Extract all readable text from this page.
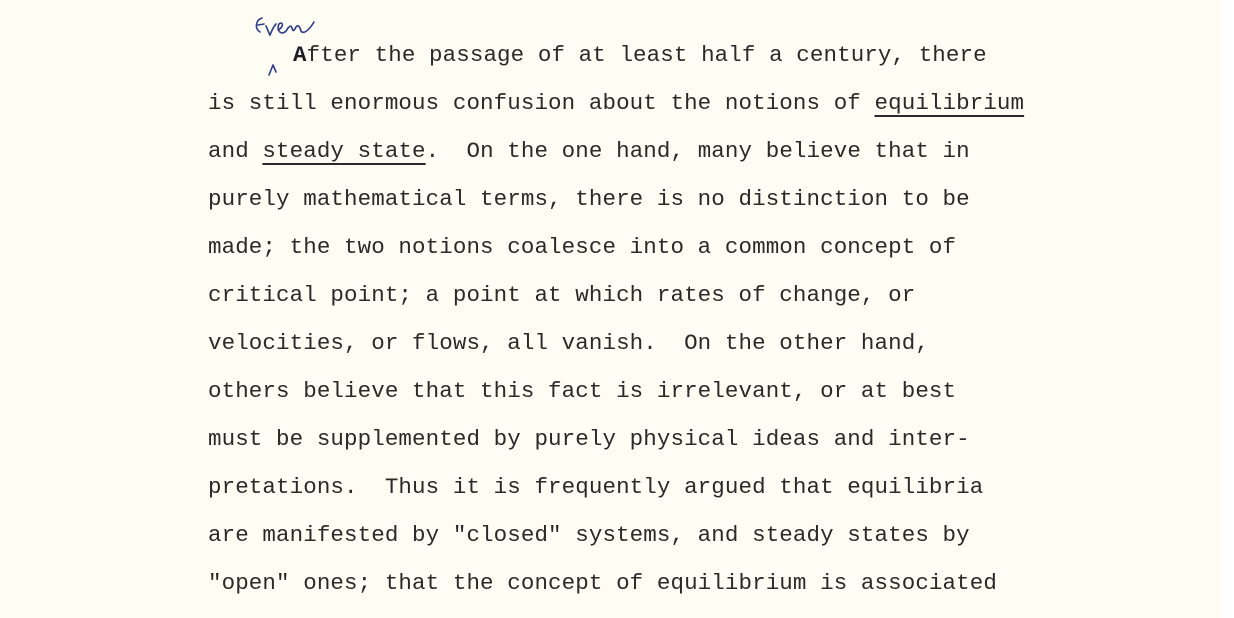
After the passage of at least half a century, there

is still enormous confusion about the notions of equilibrium

and steady state.  On the one hand, many believe that in

purely mathematical terms, there is no distinction to be

made; the two notions coalesce into a common concept of

critical point; a point at which rates of change, or

velocities, or flows, all vanish.  On the other hand,

others believe that this fact is irrelevant, or at best

must be supplemented by purely physical ideas and inter-

pretations.  Thus it is frequently argued that equilibria

are manifested by "closed" systems, and steady states by

"open" ones; that the concept of equilibrium is associated
